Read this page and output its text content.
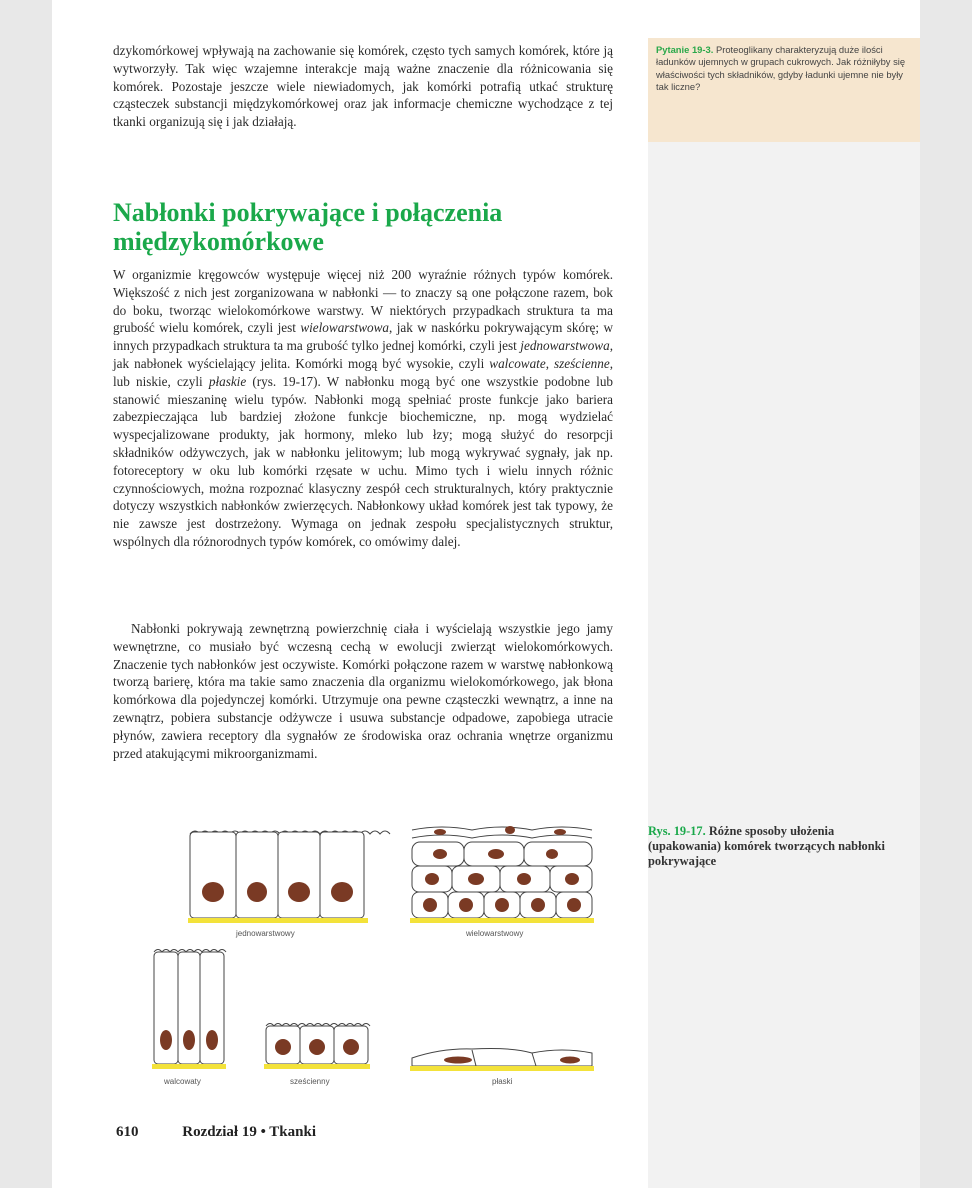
Pytanie 19-3. Proteoglikany charakteryzują duże ilości ładunków ujemnych w grupach cukrowych. Jak różniłyby się właściwości tych składników, gdyby ładunki ujemne nie były tak liczne?

dzykomórkowej wpływają na zachowanie się komórek, często tych samych komórek, które ją wytworzyły. Tak więc wzajemne interakcje mają ważne znaczenie dla różnicowania się komórek. Pozostaje jeszcze wiele niewiadomych, jak komórki potrafią utkać strukturę cząsteczek substancji międzykomórkowej oraz jak informacje chemiczne wychodzące z tej tkanki organizują się i jak działają.

Nabłonki pokrywające i połączenia międzykomórkowe

W organizmie kręgowców występuje więcej niż 200 wyraźnie różnych typów komórek. Większość z nich jest zorganizowana w nabłonki — to znaczy są one połączone razem, bok do boku, tworząc wielokomórkowe warstwy. W niektórych przypadkach struktura ta ma grubość wielu komórek, czyli jest wielowarstwowa, jak w naskórku pokrywającym skórę; w innych przypadkach struktura ta ma grubość tylko jednej komórki, czyli jest jednowarstwowa, jak nabłonek wyścielający jelita. Komórki mogą być wysokie, czyli walcowate, sześcienne, lub niskie, czyli płaskie (rys. 19-17). W nabłonku mogą być one wszystkie podobne lub stanowić mieszaninę wielu typów. Nabłonki mogą spełniać proste funkcje jako bariera zabezpieczająca lub bardziej złożone funkcje biochemiczne, np. mogą wydzielać wyspecjalizowane produkty, jak hormony, mleko lub łzy; mogą służyć do resorpcji składników odżywczych, jak w nabłonku jelitowym; lub mogą wykrywać sygnały, jak np. fotoreceptory w oku lub komórki rzęsate w uchu. Mimo tych i wielu innych różnic czynnościowych, można rozpoznać klasyczny zespół cech strukturalnych, który praktycznie dotyczy wszystkich nabłonków zwierzęcych. Nabłonkowy układ komórek jest tak typowy, że nie zawsze jest dostrzeżony. Wymaga on jednak zespołu specjalistycznych struktur, wspólnych dla różnorodnych typów komórek, co omówimy dalej.

Nabłonki pokrywają zewnętrzną powierzchnię ciała i wyścielają wszystkie jego jamy wewnętrzne, co musiało być wczesną cechą w ewolucji zwierząt wielokomórkowych. Znaczenie tych nabłonków jest oczywiste. Komórki połączone razem w warstwę nabłonkową tworzą barierę, która ma takie samo znaczenia dla organizmu wielokomórkowego, jak błona komórkowa dla pojedynczej komórki. Utrzymuje ona pewne cząsteczki wewnątrz, a inne na zewnątrz, pobiera substancje odżywcze i usuwa substancje odpadowe, zapobiega utracie płynów, zawiera receptory dla sygnałów ze środowiska oraz ochrania wnętrze organizmu przed atakującymi mikroorganizmami.

jednowarstwowy	wielowarstwowy
walcowaty	sześcienny	płaski

Rys. 19-17. Różne sposoby ułożenia (upakowania) komórek tworzących nabłonki pokrywające

610	Rozdział 19 • Tkanki
